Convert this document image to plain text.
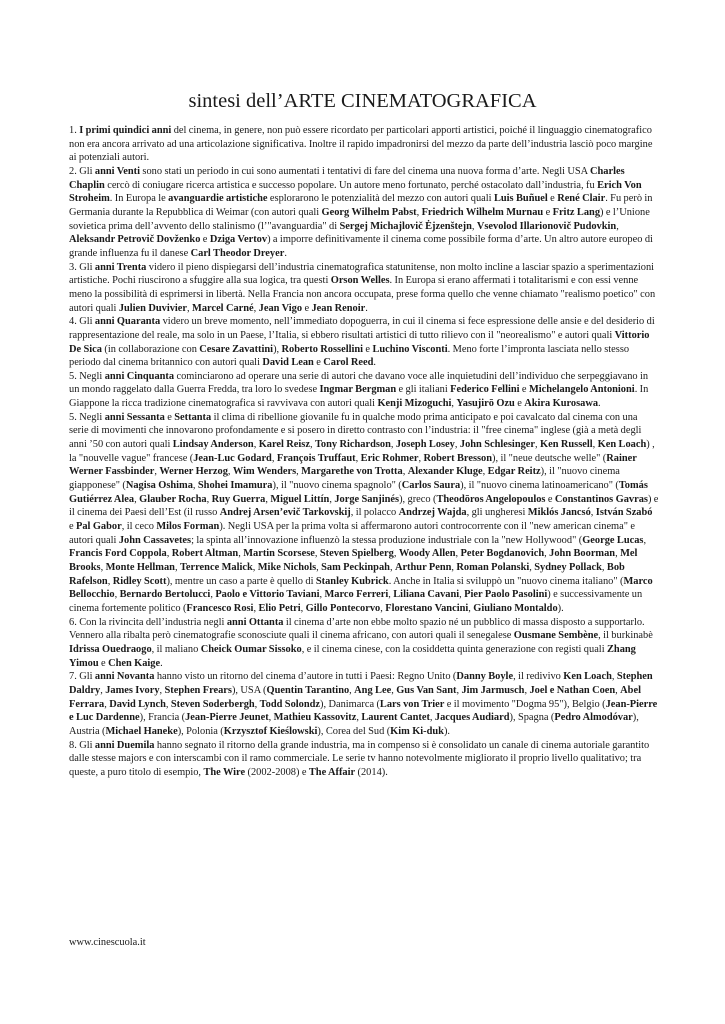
sintesi dell’ARTE CINEMATOGRAFICA

1. I primi quindici anni del cinema, in genere, non può essere ricordato per particolari apporti artistici, poiché il linguaggio cinematografico non era ancora arrivato ad una articolazione significativa. Inoltre il rapido impadronirsi del mezzo da parte dell’industria lasciò poco margine ai potenziali autori.

2. Gli anni Venti sono stati un periodo in cui sono aumentati i tentativi di fare del cinema una nuova forma d’arte. Negli USA Charles Chaplin cercò di coniugare ricerca artistica e successo popolare. Un autore meno fortunato, perché ostacolato dall’industria, fu Erich Von Stroheim. In Europa le avanguardie artistiche esplorarono le potenzialità del mezzo con autori quali Luis Buñuel e René Clair. Fu però in Germania durante la Repubblica di Weimar (con autori quali Georg Wilhelm Pabst, Friedrich Wilhelm Murnau e Fritz Lang) e l’Unione sovietica prima dell’avvento dello stalinismo (l’"avanguardia" di Sergej Michajlovič Ėjzenštejn, Vsevolod Illarionovič Pudovkin, Aleksandr Petrovič Dovženko e Dziga Vertov) a imporre definitivamente il cinema come possibile forma d’arte. Un altro autore europeo di grande influenza fu il danese Carl Theodor Dreyer.

3. Gli anni Trenta videro il pieno dispiegarsi dell’industria cinematografica statunitense, non molto incline a lasciar spazio a sperimentazioni artistiche. Pochi riuscirono a sfuggire alla sua logica, tra questi Orson Welles. In Europa si erano affermati i totalitarismi e con essi venne meno la possibilità di esprimersi in libertà. Nella Francia non ancora occupata, prese forma quello che venne chiamato "realismo poetico" con autori quali Julien Duvivier, Marcel Carné, Jean Vigo e Jean Renoir.

4. Gli anni Quaranta videro un breve momento, nell’immediato dopoguerra, in cui il cinema si fece espressione delle ansie e del desiderio di rappresentazione del reale, ma solo in un Paese, l’Italia, si ebbero risultati artistici di tutto rilievo con il "neorealismo" e autori quali Vittorio De Sica (in collaborazione con Cesare Zavattini), Roberto Rossellini e Luchino Visconti. Meno forte l’impronta lasciata nello stesso periodo dal cinema britannico con autori quali David Lean e Carol Reed.

5. Negli anni Cinquanta cominciarono ad operare una serie di autori che davano voce alle inquietudini dell’individuo che serpeggiavano in un mondo raggelato dalla Guerra Fredda, tra loro lo svedese Ingmar Bergman e gli italiani Federico Fellini e Michelangelo Antonioni. In Giappone la ricca tradizione cinematografica si ravvivava con autori quali Kenji Mizoguchi, Yasujirō Ozu e Akira Kurosawa.

5. Negli anni Sessanta e Settanta il clima di ribellione giovanile fu in qualche modo prima anticipato e poi cavalcato dal cinema con una serie di movimenti che innovarono profondamente e si posero in diretto contrasto con l’industria: il "free cinema" inglese (già a metà degli anni ’50 con autori quali Lindsay Anderson, Karel Reisz, Tony Richardson, Joseph Losey, John Schlesinger, Ken Russell, Ken Loach) , la "nouvelle vague" francese (Jean-Luc Godard, François Truffaut, Eric Rohmer, Robert Bresson), il "neue deutsche welle" (Rainer Werner Fassbinder, Werner Herzog, Wim Wenders, Margarethe von Trotta, Alexander Kluge, Edgar Reitz), il "nuovo cinema giapponese" (Nagisa Oshima, Shohei Imamura), il "nuovo cinema spagnolo" (Carlos Saura), il "nuovo cinema latinoamericano" (Tomás Gutiérrez Alea, Glauber Rocha, Ruy Guerra, Miguel Littín, Jorge Sanjinés), greco (Theodōros Angelopoulos e Constantinos Gavras) e il cinema dei Paesi dell’Est (il russo Andrej Arsen’evič Tarkovskij, il polacco Andrzej Wajda, gli ungheresi Miklós Jancsó, István Szabó e Pal Gabor, il ceco Milos Forman). Negli USA per la prima volta si affermarono autori controcorrente con il "new american cinema" e autori quali John Cassavetes; la spinta all’innovazione influenzò la stessa produzione industriale con la "new Hollywood" (George Lucas, Francis Ford Coppola, Robert Altman, Martin Scorsese, Steven Spielberg, Woody Allen, Peter Bogdanovich, John Boorman, Mel Brooks, Monte Hellman, Terrence Malick, Mike Nichols, Sam Peckinpah, Arthur Penn, Roman Polanski, Sydney Pollack, Bob Rafelson, Ridley Scott), mentre un caso a parte è quello di Stanley Kubrick. Anche in Italia si sviluppò un "nuovo cinema italiano" (Marco Bellocchio, Bernardo Bertolucci, Paolo e Vittorio Taviani, Marco Ferreri, Liliana Cavani, Pier Paolo Pasolini) e successivamente un cinema fortemente politico (Francesco Rosi, Elio Petri, Gillo Pontecorvo, Florestano Vancini, Giuliano Montaldo).

6. Con la rivincita dell’industria negli anni Ottanta il cinema d’arte non ebbe molto spazio né un pubblico di massa disposto a supportarlo. Vennero alla ribalta però cinematografie sconosciute quali il cinema africano, con autori quali il senegalese Ousmane Sembène, il burkinabè Idrissa Ouedraogo, il maliano Cheick Oumar Sissoko, e il cinema cinese, con la cosiddetta quinta generazione con registi quali Zhang Yimou e Chen Kaige.

7. Gli anni Novanta hanno visto un ritorno del cinema d’autore in tutti i Paesi: Regno Unito (Danny Boyle, il redivivo Ken Loach, Stephen Daldry, James Ivory, Stephen Frears), USA (Quentin Tarantino, Ang Lee, Gus Van Sant, Jim Jarmusch, Joel e Nathan Coen, Abel Ferrara, David Lynch, Steven Soderbergh, Todd Solondz), Danimarca (Lars von Trier e il movimento "Dogma 95"), Belgio (Jean-Pierre e Luc Dardenne), Francia (Jean-Pierre Jeunet, Mathieu Kassovitz, Laurent Cantet, Jacques Audiard), Spagna (Pedro Almodóvar), Austria (Michael Haneke), Polonia (Krzysztof Kieślowski), Corea del Sud (Kim Ki-duk).

8. Gli anni Duemila hanno segnato il ritorno della grande industria, ma in compenso si è consolidato un canale di cinema autoriale garantito dalle stesse majors e con interscambi con il ramo commerciale. Le serie tv hanno notevolmente migliorato il proprio livello qualitativo; tra queste, a puro titolo di esempio, The Wire (2002-2008) e The Affair (2014).

www.cinescuola.it
